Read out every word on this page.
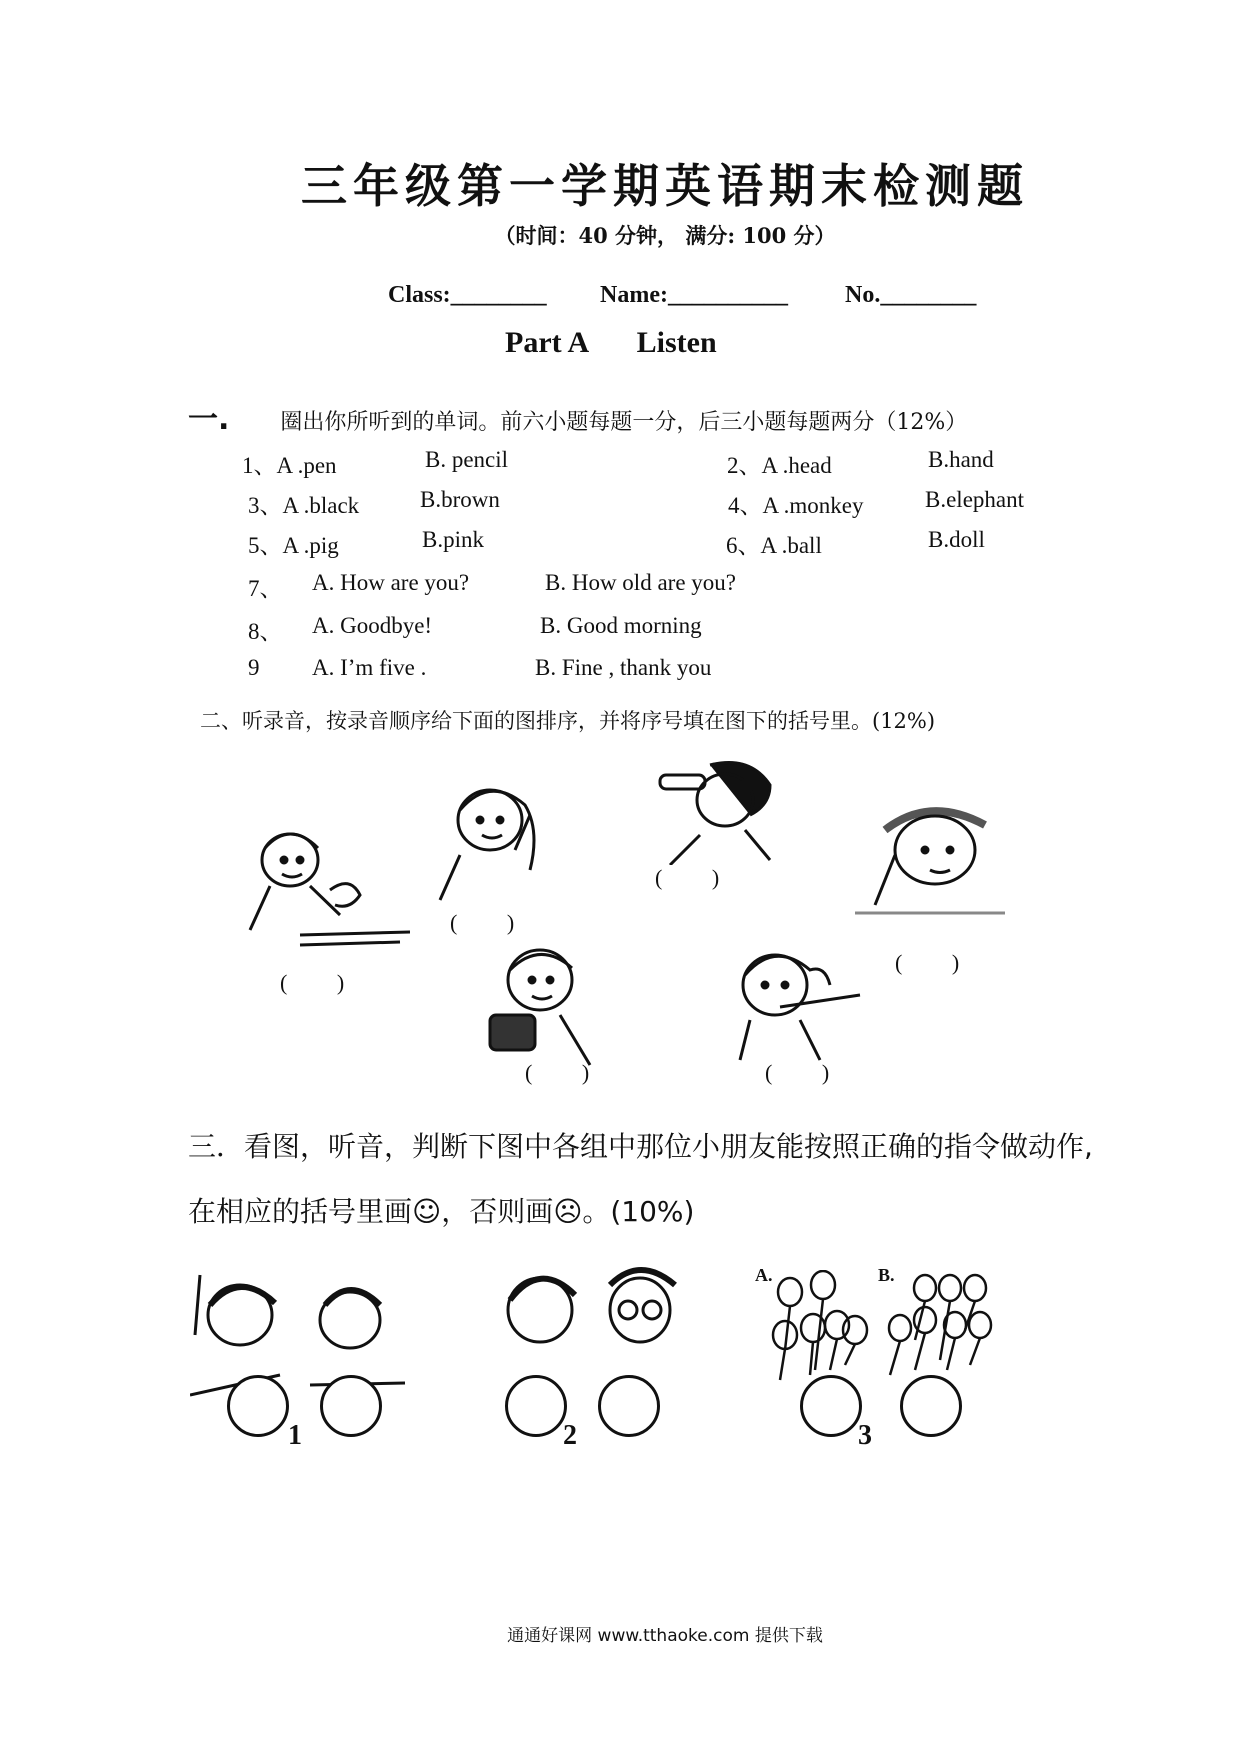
三年级第一学期英语期末检测题
（时间：40 分钟， 满分: 100 分）
Class:________ Name:__________ No.________
Part A Listen
一. 圈出你所听到的单词。前六小题每题一分，后三小题每题两分（12%）
1、A .pen	B. pencil	2、A .head	B.hand
3、A .black	B.brown	4、A .monkey	B.elephant
5、A .pig	B.pink	6、A .ball	B.doll
7、 A. How are you?	B. How old are you?
8、 A. Goodbye!	B. Good morning
9 A. I’m five .	B. Fine , thank you
二、听录音，按录音顺序给下面的图排序，并将序号填在图下的括号里。(12%)
( )
( )
( )
( )
( )	( )
三．看图，听音，判断下图中各组中那位小朋友能按照正确的指令做动作,
在相应的括号里画☺，否则画☹。(10%)
1	2
A.	B.
3
通通好课网 www.tthaoke.com 提供下载
